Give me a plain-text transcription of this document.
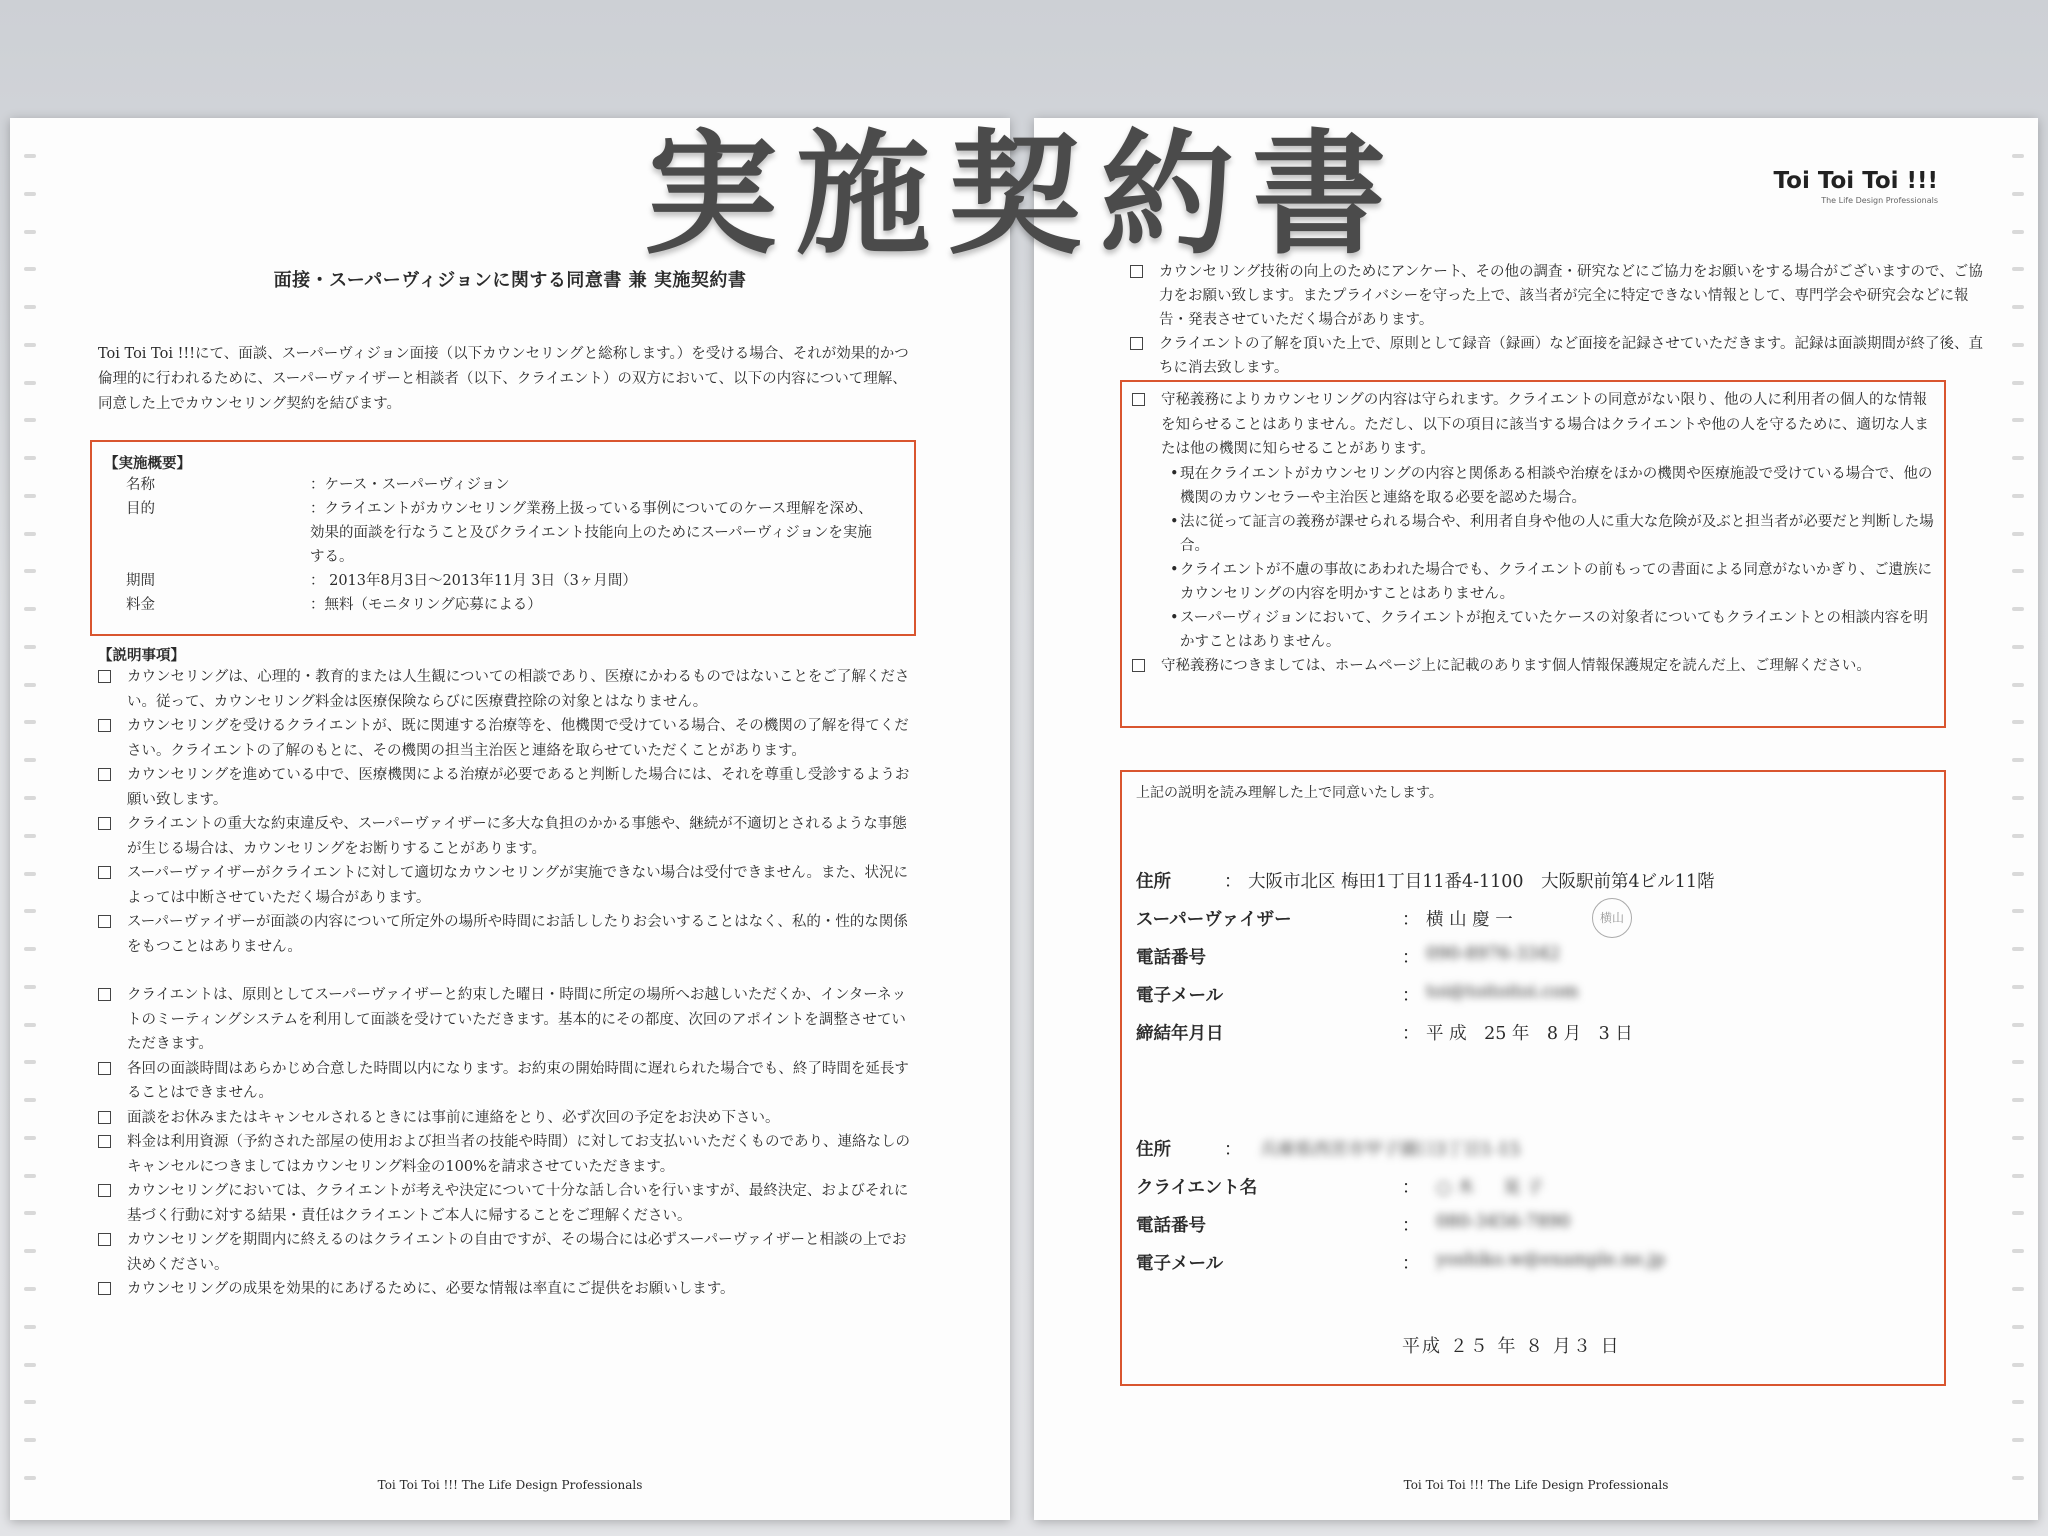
実施契約書
面接・スーパーヴィジョンに関する同意書 兼 実施契約書
Toi Toi Toi !!!にて、面談、スーパーヴィジョン面接（以下カウンセリングと総称します。）を受ける場合、それが効果的かつ倫理的に行われるために、スーパーヴァイザーと相談者（以下、クライエント）の双方において、以下の内容について理解、同意した上でカウンセリング契約を結びます。
【実施概要】
名称	：ケース・スーパーヴィジョン
目的	：クライエントがカウンセリング業務上扱っている事例についてのケース理解を深め、効果的面談を行なうこと及びクライエント技能向上のためにスーパーヴィジョンを実施する。
期間	： 2013年8月3日〜2013年11月 3日（3ヶ月間）
料金	：無料（モニタリング応募による）
【説明事項】
カウンセリングは、心理的・教育的または人生観についての相談であり、医療にかわるものではないことをご了解ください。従って、カウンセリング料金は医療保険ならびに医療費控除の対象とはなりません。
カウンセリングを受けるクライエントが、既に関連する治療等を、他機関で受けている場合、その機関の了解を得てください。クライエントの了解のもとに、その機関の担当主治医と連絡を取らせていただくことがあります。
カウンセリングを進めている中で、医療機関による治療が必要であると判断した場合には、それを尊重し受診するようお願い致します。
クライエントの重大な約束違反や、スーパーヴァイザーに多大な負担のかかる事態や、継続が不適切とされるような事態が生じる場合は、カウンセリングをお断りすることがあります。
スーパーヴァイザーがクライエントに対して適切なカウンセリングが実施できない場合は受付できません。また、状況によっては中断させていただく場合があります。
スーパーヴァイザーが面談の内容について所定外の場所や時間にお話ししたりお会いすることはなく、私的・性的な関係をもつことはありません。
クライエントは、原則としてスーパーヴァイザーと約束した曜日・時間に所定の場所へお越しいただくか、インターネットのミーティングシステムを利用して面談を受けていただきます。基本的にその都度、次回のアポイントを調整させていただきます。
各回の面談時間はあらかじめ合意した時間以内になります。お約束の開始時間に遅れられた場合でも、終了時間を延長することはできません。
面談をお休みまたはキャンセルされるときには事前に連絡をとり、必ず次回の予定をお決め下さい。
料金は利用資源（予約された部屋の使用および担当者の技能や時間）に対してお支払いいただくものであり、連絡なしのキャンセルにつきましてはカウンセリング料金の100%を請求させていただきます。
カウンセリングにおいては、クライエントが考えや決定について十分な話し合いを行いますが、最終決定、およびそれに基づく行動に対する結果・責任はクライエントご本人に帰することをご理解ください。
カウンセリングを期間内に終えるのはクライエントの自由ですが、その場合には必ずスーパーヴァイザーと相談の上でお決めください。
カウンセリングの成果を効果的にあげるために、必要な情報は率直にご提供をお願いします。
Toi Toi Toi !!! The Life Design Professionals
Toi Toi Toi !!!
The Life Design Professionals
カウンセリング技術の向上のためにアンケート、その他の調査・研究などにご協力をお願いをする場合がございますので、ご協力をお願い致します。またプライバシーを守った上で、該当者が完全に特定できない情報として、専門学会や研究会などに報告・発表させていただく場合があります。
クライエントの了解を頂いた上で、原則として録音（録画）など面接を記録させていただきます。記録は面談期間が終了後、直ちに消去致します。
守秘義務によりカウンセリングの内容は守られます。クライエントの同意がない限り、他の人に利用者の個人的な情報を知らせることはありません。ただし、以下の項目に該当する場合はクライエントや他の人を守るために、適切な人または他の機関に知らせることがあります。
• 現在クライエントがカウンセリングの内容と関係ある相談や治療をほかの機関や医療施設で受けている場合で、他の機関のカウンセラーや主治医と連絡を取る必要を認めた場合。
• 法に従って証言の義務が課せられる場合や、利用者自身や他の人に重大な危険が及ぶと担当者が必要だと判断した場合。
• クライエントが不慮の事故にあわれた場合でも、クライエントの前もっての書面による同意がないかぎり、ご遺族にカウンセリングの内容を明かすことはありません。
• スーパーヴィジョンにおいて、クライエントが抱えていたケースの対象者についてもクライエントとの相談内容を明かすことはありません。
守秘義務につきましては、ホームページ上に記載のあります個人情報保護規定を読んだ上、ご理解ください。
上記の説明を読み理解した上で同意いたします。
住所	： 大阪市北区 梅田1丁目11番4-1100　大阪駅前第4ビル11階
スーパーヴァイザー	： 横 山 慶 一	横山
電話番号	： 090-8976-3342
電子メール	： toi@toitoitoi.com
締結年月日	： 平 成　25 年　8 月　3 日
住所	： 兵庫県西宮市甲子園口3丁目1-15
クライエント名	： ○ 木 　 晃 子
電話番号	： 080-3456-7890
電子メール	： yoshiko.w@example.ne.jp
平成 ２５ 年 ８ 月３ 日
Toi Toi Toi !!! The Life Design Professionals
